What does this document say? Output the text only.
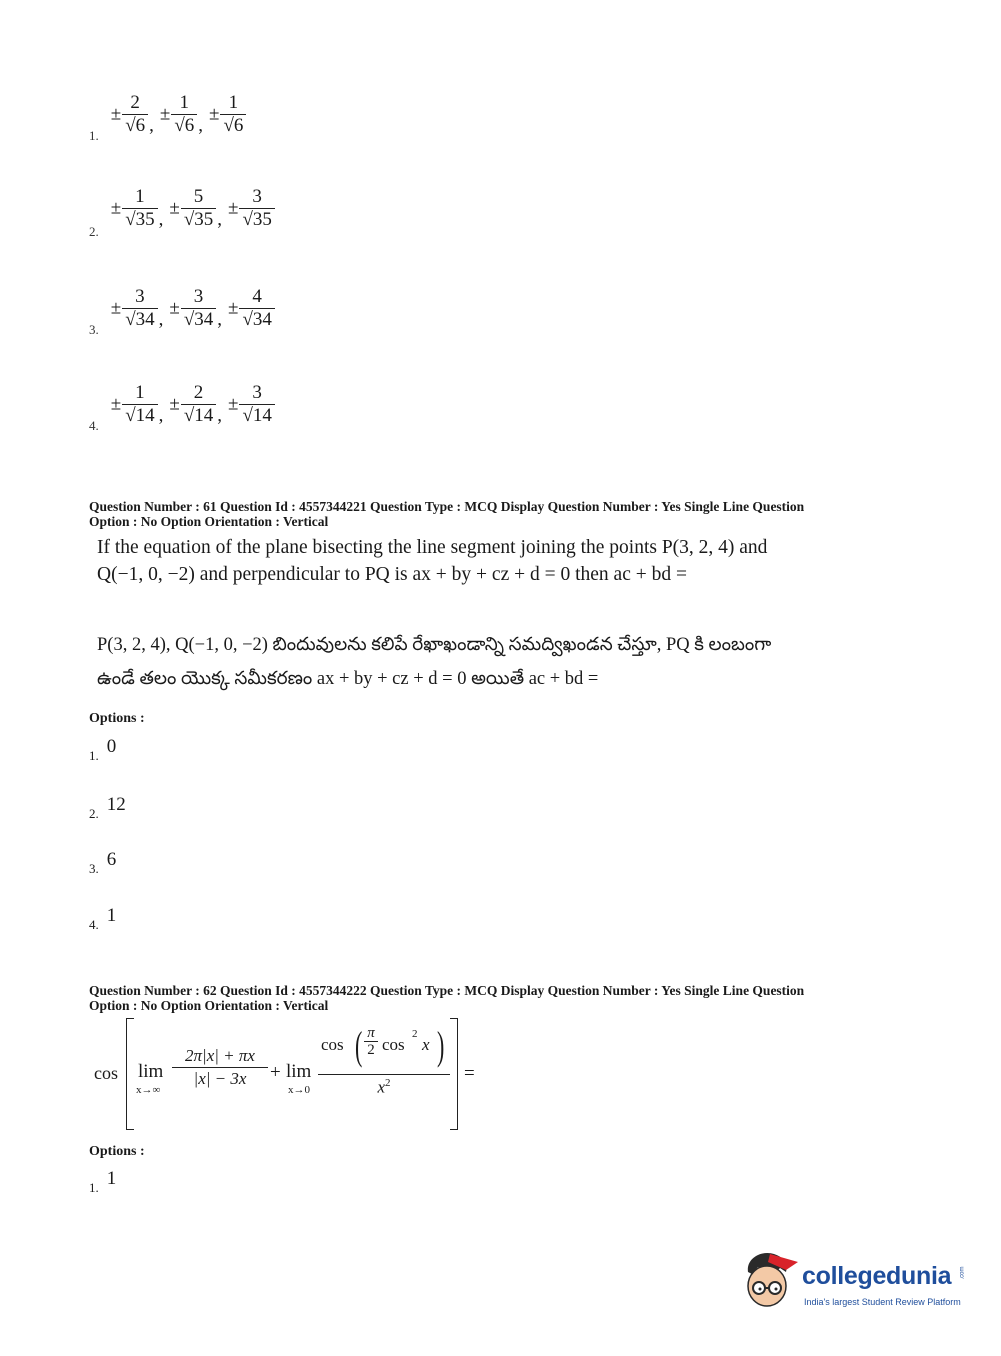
$_{1.} \pm \frac{2}{√6}$ , ± $\frac{1}{√6}$ , ± $\frac{1}{√6}$
$_{2.} \pm \frac{1}{√35}$ , ± $\frac{5}{√35}$ , ± $\frac{3}{√35}$
$_{3.} \pm \frac{3}{√34}$ , ± $\frac{3}{√34}$ , ± $\frac{4}{√34}$
$_{4.} \pm \frac{1}{√14}$ , ± $\frac{2}{√14}$ , ± $\frac{3}{√14}$
Question Number : 61 Question Id : 4557344221 Question Type : MCQ Display Question Number : Yes Single Line Question
Option : No Option Orientation : Vertical
If the equation of the plane bisecting the line segment joining the points P(3, 2, 4) and
Q(−1, 0, −2) and perpendicular to PQ is ax + by + cz + d = 0 then ac + bd =
P(3, 2, 4), Q(−1, 0, −2) బిందువులను కలిపే రేఖాఖండాన్ని సమద్విఖండన చేస్తూ, PQ కి లంబంగా
ఉండే తలం యొక్క సమీకరణం ax + by + cz + d = 0 అయితే ac + bd =
Options :
1. 0
2. 12
3. 6
4. 1
Question Number : 62 Question Id : 4557344222 Question Type : MCQ Display Question Number : Yes Single Line Question
Option : No Option Orientation : Vertical
cos lim
$x\to\infty \frac{2\pi|x| + \pi x}{|x| - 3x} + \lim$
x→0
cos ( π
2 cos
2
x )
$x^2$	=
Options :
1. 1
collegedunia .com
India's largest Student Review Platform
